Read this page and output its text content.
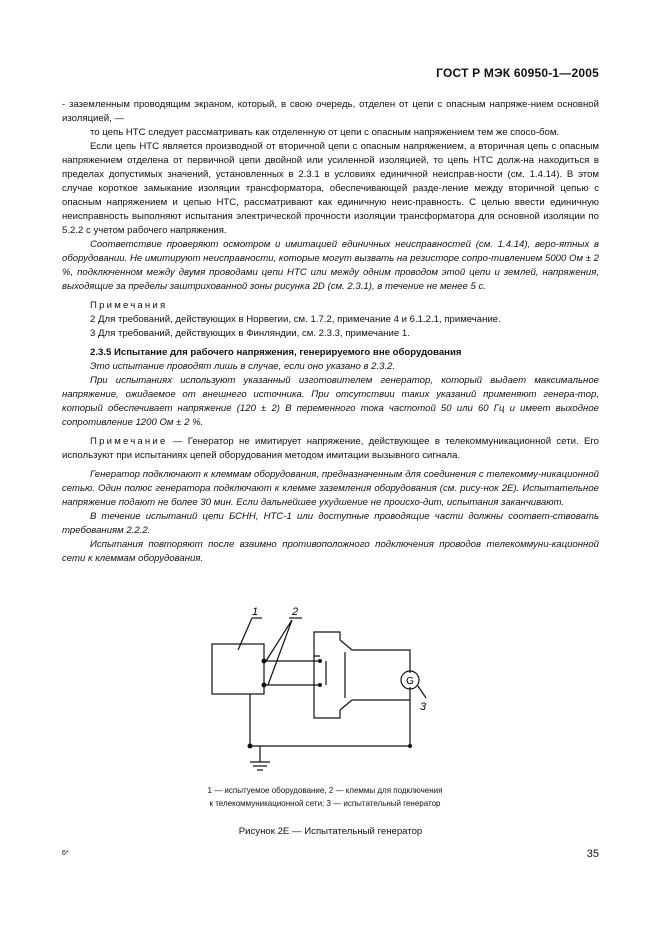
ГОСТ Р МЭК 60950-1—2005

- заземленным проводящим экраном, который, в свою очередь, отделен от цепи с опасным напряже-нием основной изоляцией, —

то цепь НТС следует рассматривать как отделенную от цепи с опасным напряжением тем же спосо-бом.

Если цепь НТС является производной от вторичной цепи с опасным напряжением, а вторичная цепь с опасным напряжением отделена от первичной цепи двойной или усиленной изоляцией, то цепь НТС долж-на находиться в пределах допустимых значений, установленных в 2.3.1 в условиях единичной неисправ-ности (см. 1.4.14). В этом случае короткое замыкание изоляции трансформатора, обеспечивающей разде-ление между вторичной цепью с опасным напряжением и цепью НТС, рассматривают как единичную неис-правность. С целью ввести единичную неисправность выполняют испытания электрической прочности изоляции трансформатора для основной изоляции по 5.2.2 с учетом рабочего напряжения.

Соответствие проверяют осмотром и имитацией единичных неисправностей (см. 1.4.14), веро-ятных в оборудовании. Не имитируют неисправности, которые могут вызвать на резисторе сопро-тивлением 5000 Ом ± 2 %, подключенном между двумя проводами цепи НТС или между одним проводом этой цепи и землей, напряжения, выходящие за пределы заштрихованной зоны рисунка 2D (см. 2.3.1), в течение не менее 5 с.

Примечания

2 Для требований, действующих в Норвегии, см. 1.7.2, примечание 4 и 6.1.2.1, примечание.

3 Для требований, действующих в Финляндии, см. 2.3.3, примечание 1.

2.3.5 Испытание для рабочего напряжения, генерируемого вне оборудования

Это испытание проводят лишь в случае, если оно указано в 2.3.2.

При испытаниях используют указанный изготовителем генератор, который выдает максимальное напряжение, ожидаемое от внешнего источника. При отсутствии таких указаний применяют генера-тор, который обеспечивает напряжение (120 ± 2) В переменного тока частотой 50 или 60 Гц и имеет выходное сопротивление 1200 Ом ± 2 %.

Примечание — Генератор не имитирует напряжение, действующее в телекоммуникационной сети. Его используют при испытаниях цепей оборудования методом имитации вызывного сигнала.

Генератор подключают к клеммам оборудования, предназначенным для соединения с телекомму-никационной сетью. Один полюс генератора подключают к клемме заземления оборудования (см. рису-нок 2E). Испытательное напряжение подают не более 30 мин. Если дальнейшее ухудшение не происхо-дит, испытания заканчивают.

В течение испытаний цепи БСНН, НТС-1 или доступные проводящие части должны соответ-ствовать требованиям 2.2.2.

Испытания повторяют после взаимно противоположного подключения проводов телекоммуни-кационной сети к клеммам оборудования.

G
1	2
3
1 — испытуемое оборудование, 2 — клеммы для подключения к телекоммуникационной сети; 3 — испытательный генератор
Рисунок 2Е — Испытательный генератор
6*	35
